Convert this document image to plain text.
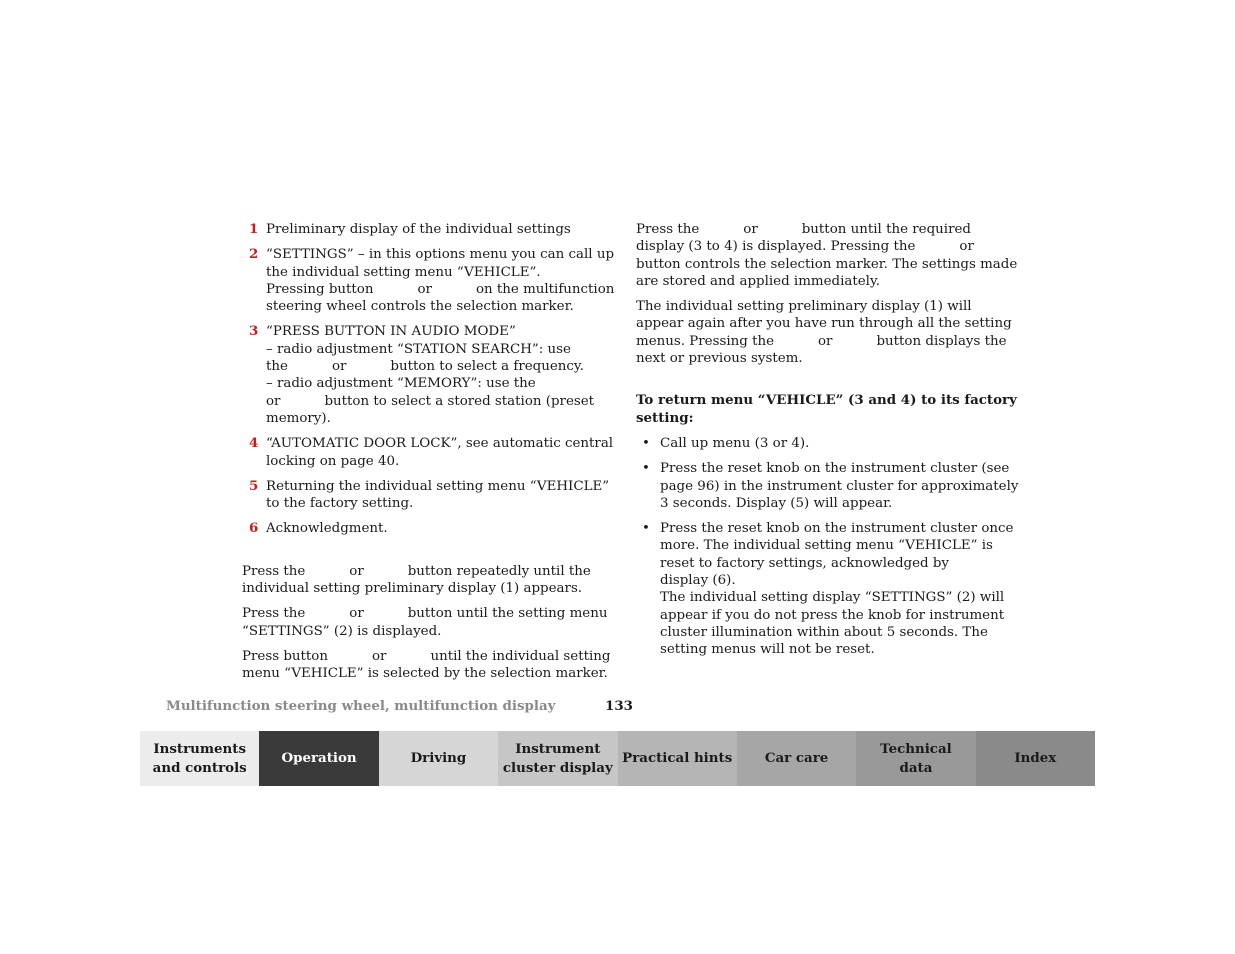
1 Preliminary display of the individual settings
2 “SETTINGS” – in this options menu you can call up
the individual setting menu “VEHICLE”.
Pressing button	or	on the multifunction
steering wheel controls the selection marker.
3 “PRESS BUTTON IN AUDIO MODE”
– radio adjustment “STATION SEARCH”: use
the	or	button to select a frequency.
– radio adjustment “MEMORY”: use the
or	button to select a stored station (preset
memory).
4 “AUTOMATIC DOOR LOCK”, see automatic central
locking on page 40.
5 Returning the individual setting menu “VEHICLE”
to the factory setting.
6 Acknowledgment.
Press the	or	button repeatedly until the
individual setting preliminary display (1) appears.
Press the	or	button until the setting menu
“SETTINGS” (2) is displayed.
Press button	or	until the individual setting
menu “VEHICLE” is selected by the selection marker.
Press the	or	button until the required
display (3 to 4) is displayed. Pressing the	or
button controls the selection marker. The settings made
are stored and applied immediately.
The individual setting preliminary display (1) will
appear again after you have run through all the setting
menus. Pressing the	or	button displays the
next or previous system.
To return menu “VEHICLE” (3 and 4) to its factory
setting:
• Call up menu (3 or 4).
• Press the reset knob on the instrument cluster (see
page 96) in the instrument cluster for approximately
3 seconds. Display (5) will appear.
• Press the reset knob on the instrument cluster once
more. The individual setting menu “VEHICLE” is
reset to factory settings, acknowledged by
display (6).
The individual setting display “SETTINGS” (2) will
appear if you do not press the knob for instrument
cluster illumination within about 5 seconds. The
setting menus will not be reset.
Multifunction steering wheel, multifunction display	133
Instruments
and controls
Operation	Driving
Instrument
cluster display
Practical hints Car care
Technical
data
Index
